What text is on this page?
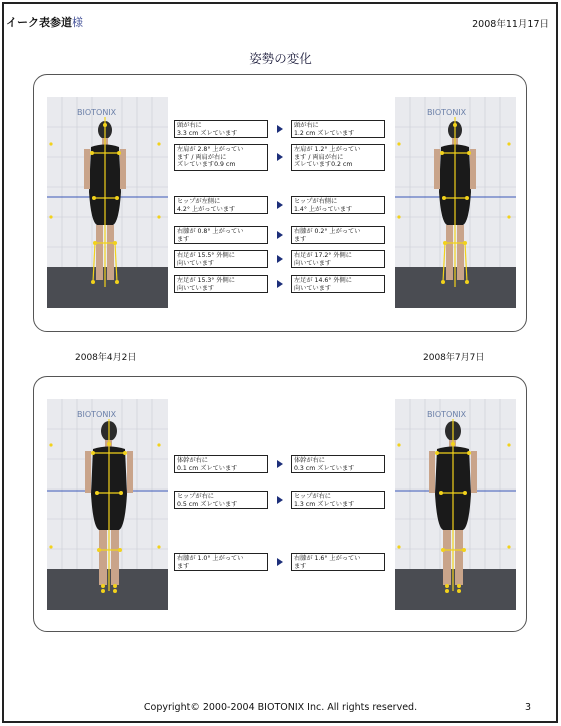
イーク表参道様	2008年11月17日
姿勢の変化
BIOTONIX	BIOTONIX
頭が右に
3.3 cm ズレています
頭が右に
1.2 cm ズレています
左肩が 2.8° 上がってい
ます / 両肩が右に
ズレています0.9 cm
左肩が 1.2° 上がってい
ます / 両肩が右に
ズレています0.2 cm
ヒップが左側に
4.2° 上がっています
ヒップが右側に
1.4° 上がっています
右膝が 0.8° 上がってい
ます
右膝が 0.2° 上がってい
ます
右足が 15.5° 外側に
向いています
右足が 17.2° 外側に
向いています
左足が 15.3° 外側に
向いています
左足が 14.6° 外側に
向いています
2008年4月2日	2008年7月7日
BIOTONIX	BIOTONIX
体幹が右に
0.1 cm ズレています
体幹が右に
0.3 cm ズレています
ヒップが右に
0.5 cm ズレています
ヒップが右に
1.3 cm ズレています
右膝が 1.0° 上がってい
ます
右膝が 1.6° 上がってい
ます
Copyright© 2000-2004 BIOTONIX Inc. All rights reserved.	3
